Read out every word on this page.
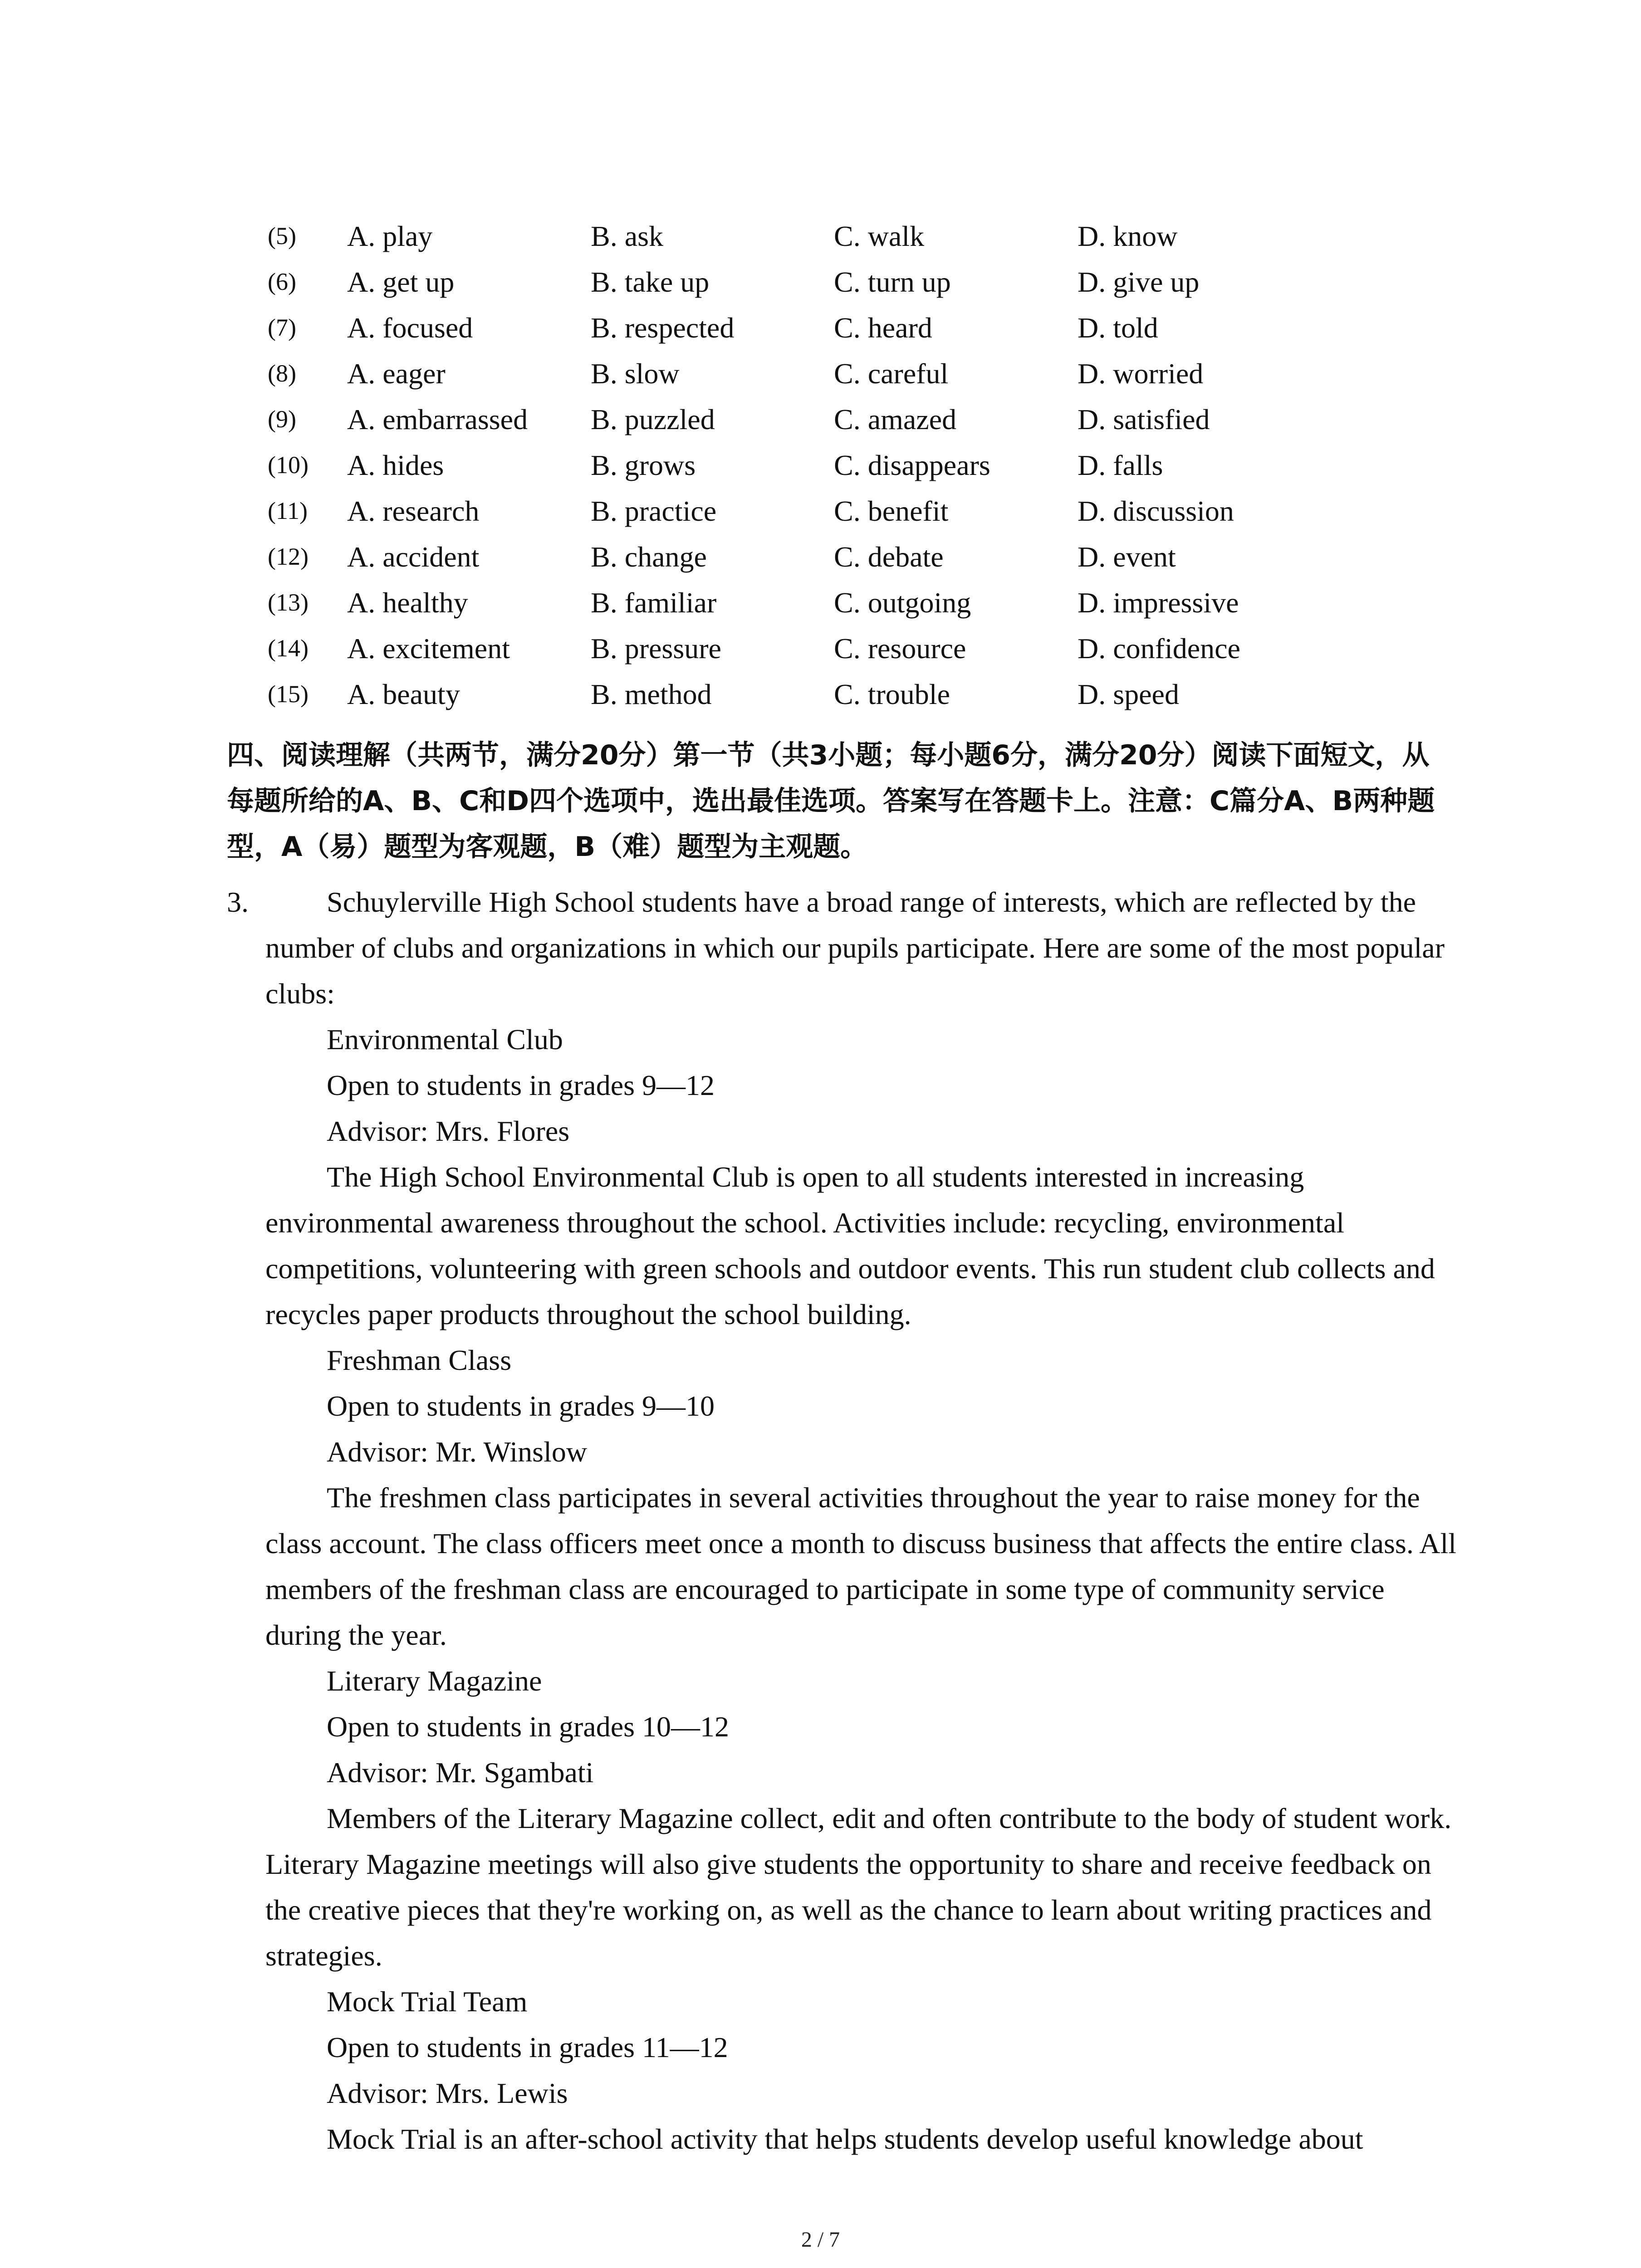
(5) A. play	B. ask	C. walk	D. know
(6) A. get up	B. take up	C. turn up	D. give up
(7) A. focused	B. respected	C. heard	D. told
(8) A. eager	B. slow	C. careful	D. worried
(9) A. embarrassed B. puzzled	C. amazed	D. satisfied
(10) A. hides	B. grows	C. disappears	D. falls
(11) A. research	B. practice	C. benefit	D. discussion
(12) A. accident	B. change	C. debate	D. event
(13) A. healthy	B. familiar	C. outgoing	D. impressive
(14) A. excitement	B. pressure	C. resource	D. confidence
(15) A. beauty	B. method	C. trouble	D. speed
四、阅读理解（共两节，满分20分）第一节（共3小题；每小题6分，满分20分）阅读下面短文，从每题所给的A、B、C和D四个选项中，选出最佳选项。答案写在答题卡上。注意：C篇分A、B两种题型，A（易）题型为客观题，B（难）题型为主观题。
3.	Schuylerville High School students have a broad range of interests, which are reflected by the number of clubs and organizations in which our pupils participate. Here are some of the most popular clubs:
Environmental Club
Open to students in grades 9—12
Advisor: Mrs. Flores
The High School Environmental Club is open to all students interested in increasing environmental awareness throughout the school. Activities include: recycling, environmental competitions, volunteering with green schools and outdoor events. This run student club collects and recycles paper products throughout the school building.
Freshman Class
Open to students in grades 9—10
Advisor: Mr. Winslow
The freshmen class participates in several activities throughout the year to raise money for the class account. The class officers meet once a month to discuss business that affects the entire class. All members of the freshman class are encouraged to participate in some type of community service during the year.
Literary Magazine
Open to students in grades 10—12
Advisor: Mr. Sgambati
Members of the Literary Magazine collect, edit and often contribute to the body of student work. Literary Magazine meetings will also give students the opportunity to share and receive feedback on the creative pieces that they're working on, as well as the chance to learn about writing practices and strategies.
Mock Trial Team
Open to students in grades 11—12
Advisor: Mrs. Lewis
Mock Trial is an after-school activity that helps students develop useful knowledge about
2 / 7
